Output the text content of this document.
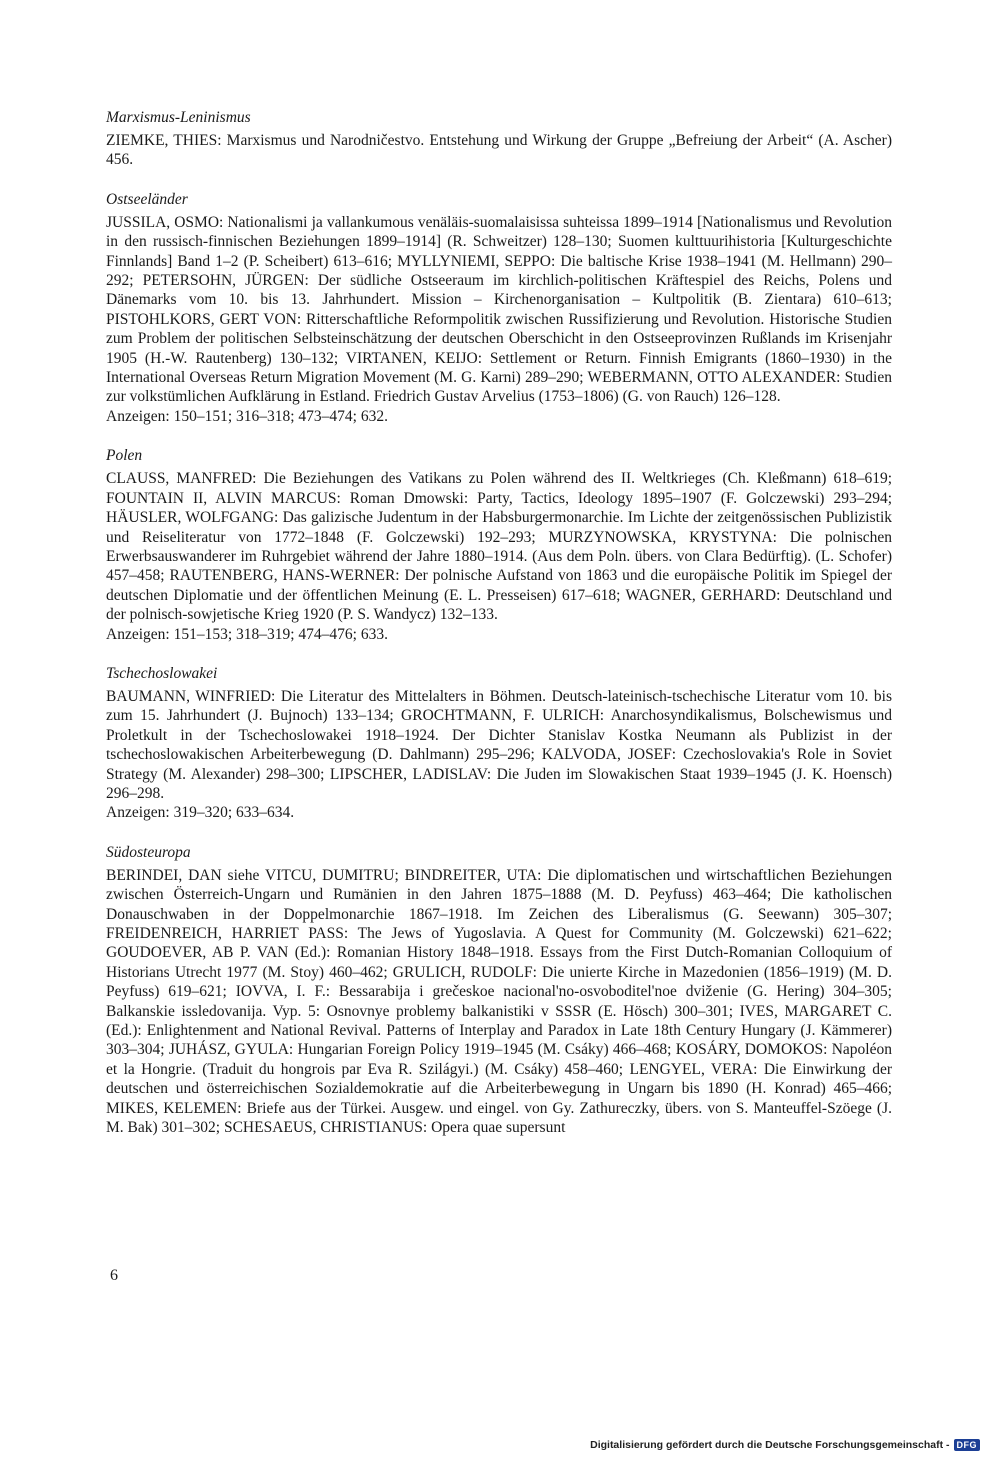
Marxismus-Leninismus

ZIEMKE, THIES: Marxismus und Narodničestvo. Entstehung und Wirkung der Gruppe „Befreiung der Arbeit“ (A. Ascher) 456.

Ostseeländer

JUSSILA, OSMO: Nationalismi ja vallankumous venäläis-suomalaisissa suhteissa 1899–1914 [Nationalismus und Revolution in den russisch-finnischen Beziehungen 1899–1914] (R. Schweitzer) 128–130; Suomen kulttuurihistoria [Kulturgeschichte Finnlands] Band 1–2 (P. Scheibert) 613–616; MYLLYNIEMI, SEPPO: Die baltische Krise 1938–1941 (M. Hellmann) 290–292; PETERSOHN, JÜRGEN: Der südliche Ostseeraum im kirchlich-politischen Kräftespiel des Reichs, Polens und Dänemarks vom 10. bis 13. Jahrhundert. Mission – Kirchenorganisation – Kultpolitik (B. Zientara) 610–613; PISTOHLKORS, GERT VON: Ritterschaftliche Reformpolitik zwischen Russifizierung und Revolution. Historische Studien zum Problem der politischen Selbsteinschätzung der deutschen Oberschicht in den Ostseeprovinzen Rußlands im Krisenjahr 1905 (H.-W. Rautenberg) 130–132; VIRTANEN, KEIJO: Settlement or Return. Finnish Emigrants (1860–1930) in the International Overseas Return Migration Movement (M. G. Karni) 289–290; WEBERMANN, OTTO ALEXANDER: Studien zur volkstümlichen Aufklärung in Estland. Friedrich Gustav Arvelius (1753–1806) (G. von Rauch) 126–128.

Anzeigen: 150–151; 316–318; 473–474; 632.

Polen

CLAUSS, MANFRED: Die Beziehungen des Vatikans zu Polen während des II. Weltkrieges (Ch. Kleßmann) 618–619; FOUNTAIN II, ALVIN MARCUS: Roman Dmowski: Party, Tactics, Ideology 1895–1907 (F. Golczewski) 293–294; HÄUSLER, WOLFGANG: Das galizische Judentum in der Habsburgermonarchie. Im Lichte der zeitgenössischen Publizistik und Reiseliteratur von 1772–1848 (F. Golczewski) 192–293; MURZYNOWSKA, KRYSTYNA: Die polnischen Erwerbsauswanderer im Ruhrgebiet während der Jahre 1880–1914. (Aus dem Poln. übers. von Clara Bedürftig). (L. Schofer) 457–458; RAUTENBERG, HANS-WERNER: Der polnische Aufstand von 1863 und die europäische Politik im Spiegel der deutschen Diplomatie und der öffentlichen Meinung (E. L. Presseisen) 617–618; WAGNER, GERHARD: Deutschland und der polnisch-sowjetische Krieg 1920 (P. S. Wandycz) 132–133.

Anzeigen: 151–153; 318–319; 474–476; 633.

Tschechoslowakei

BAUMANN, WINFRIED: Die Literatur des Mittelalters in Böhmen. Deutsch-lateinisch-tschechische Literatur vom 10. bis zum 15. Jahrhundert (J. Bujnoch) 133–134; GROCHTMANN, F. ULRICH: Anarchosyndikalismus, Bolschewismus und Proletkult in der Tschechoslowakei 1918–1924. Der Dichter Stanislav Kostka Neumann als Publizist in der tschechoslowakischen Arbeiterbewegung (D. Dahlmann) 295–296; KALVODA, JOSEF: Czechoslovakia's Role in Soviet Strategy (M. Alexander) 298–300; LIPSCHER, LADISLAV: Die Juden im Slowakischen Staat 1939–1945 (J. K. Hoensch) 296–298.

Anzeigen: 319–320; 633–634.

Südosteuropa

BERINDEI, DAN siehe VITCU, DUMITRU; BINDREITER, UTA: Die diplomatischen und wirtschaftlichen Beziehungen zwischen Österreich-Ungarn und Rumänien in den Jahren 1875–1888 (M. D. Peyfuss) 463–464; Die katholischen Donauschwaben in der Doppelmonarchie 1867–1918. Im Zeichen des Liberalismus (G. Seewann) 305–307; FREIDENREICH, HARRIET PASS: The Jews of Yugoslavia. A Quest for Community (M. Golczewski) 621–622; GOUDOEVER, AB P. VAN (Ed.): Romanian History 1848–1918. Essays from the First Dutch-Romanian Colloquium of Historians Utrecht 1977 (M. Stoy) 460–462; GRULICH, RUDOLF: Die unierte Kirche in Mazedonien (1856–1919) (M. D. Peyfuss) 619–621; IOVVA, I. F.: Bessarabija i grečeskoe nacional'no-osvoboditel'noe dviženie (G. Hering) 304–305; Balkanskie issledovanija. Vyp. 5: Osnovnye problemy balkanistiki v SSSR (E. Hösch) 300–301; IVES, MARGARET C. (Ed.): Enlightenment and National Revival. Patterns of Interplay and Paradox in Late 18th Century Hungary (J. Kämmerer) 303–304; JUHÁSZ, GYULA: Hungarian Foreign Policy 1919–1945 (M. Csáky) 466–468; KOSÁRY, DOMOKOS: Napoléon et la Hongrie. (Traduit du hongrois par Eva R. Szilágyi.) (M. Csáky) 458–460; LENGYEL, VERA: Die Einwirkung der deutschen und österreichischen Sozialdemokratie auf die Arbeiterbewegung in Ungarn bis 1890 (H. Konrad) 465–466; MIKES, KELEMEN: Briefe aus der Türkei. Ausgew. und eingel. von Gy. Zathureczky, übers. von S. Manteuffel-Szöege (J. M. Bak) 301–302; SCHESAEUS, CHRISTIANUS: Opera quae supersunt

6
Digitalisierung gefördert durch die Deutsche Forschungsgemeinschaft - DFG
